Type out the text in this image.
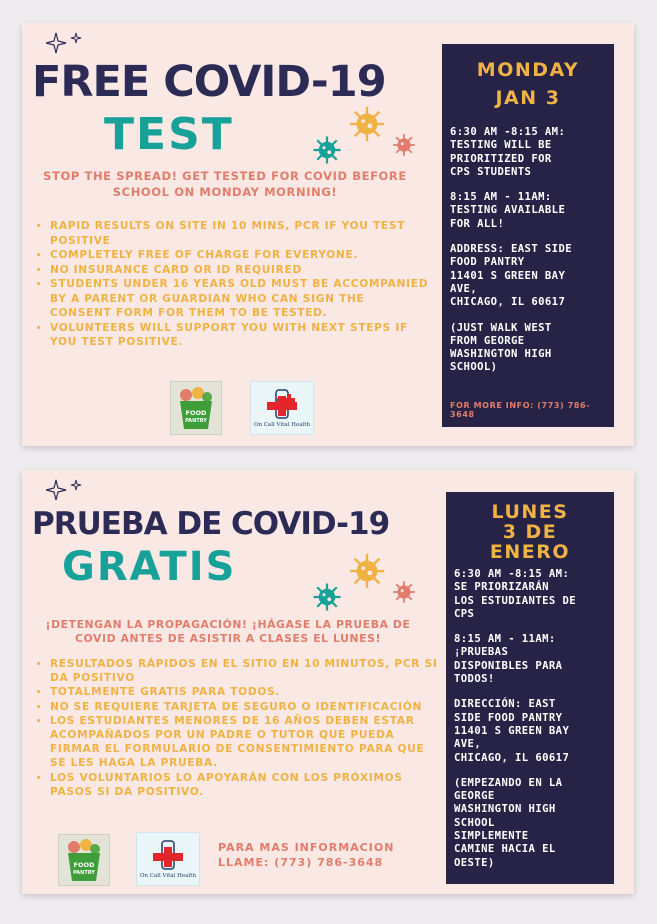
FREE COVID-19
TEST

STOP THE SPREAD! GET TESTED FOR COVID BEFORE SCHOOL ON MONDAY MORNING!

• RAPID RESULTS ON SITE IN 10 MINS, PCR IF YOU TEST POSITIVE
• COMPLETELY FREE OF CHARGE FOR EVERYONE.
• NO INSURANCE CARD OR ID REQUIRED
• STUDENTS UNDER 16 YEARS OLD MUST BE ACCOMPANIED BY A PARENT OR GUARDIAN WHO CAN SIGN THE CONSENT FORM FOR THEM TO BE TESTED.
• VOLUNTEERS WILL SUPPORT YOU WITH NEXT STEPS IF YOU TEST POSITIVE.
FOOD
PANTRY
On Call Vital Health

MONDAY

JAN 3

6:30 AM -8:15 AM:
TESTING WILL BE
PRIORITIZED FOR
CPS STUDENTS

8:15 AM - 11AM:
TESTING AVAILABLE
FOR ALL!

ADDRESS: EAST SIDE
FOOD PANTRY
11401 S GREEN BAY
AVE,
CHICAGO, IL 60617

(JUST WALK WEST
FROM GEORGE
WASHINGTON HIGH
SCHOOL)

FOR MORE INFO: (773) 786-3648

PRUEBA DE COVID-19
GRATIS

¡DETENGAN LA PROPAGACIÓN! ¡HÁGASE LA PRUEBA DE COVID ANTES DE ASISTIR A CLASES EL LUNES!

• RESULTADOS RÁPIDOS EN EL SITIO EN 10 MINUTOS, PCR SI DA POSITIVO
• TOTALMENTE GRATIS PARA TODOS.
• NO SE REQUIERE TARJETA DE SEGURO O IDENTIFICACIÓN
• LOS ESTUDIANTES MENORES DE 16 AÑOS DEBEN ESTAR ACOMPAÑADOS POR UN PADRE O TUTOR QUE PUEDA FIRMAR EL FORMULARIO DE CONSENTIMIENTO PARA QUE SE LES HAGA LA PRUEBA.
• LOS VOLUNTARIOS LO APOYARÁN CON LOS PRÓXIMOS PASOS SI DA POSITIVO.
FOOD
PANTRY	On Call Vital Health

PARA MAS INFORMACION
LLAME: (773) 786-3648

LUNES

3 DE

ENERO

6:30 AM -8:15 AM:
SE PRIORIZARÁN
LOS ESTUDIANTES DE
CPS

8:15 AM - 11AM:
¡PRUEBAS
DISPONIBLES PARA
TODOS!

DIRECCIÓN: EAST
SIDE FOOD PANTRY
11401 S GREEN BAY
AVE,
CHICAGO, IL 60617

(EMPEZANDO EN LA
GEORGE
WASHINGTON HIGH
SCHOOL
SIMPLEMENTE
CAMINE HACIA EL
OESTE)
